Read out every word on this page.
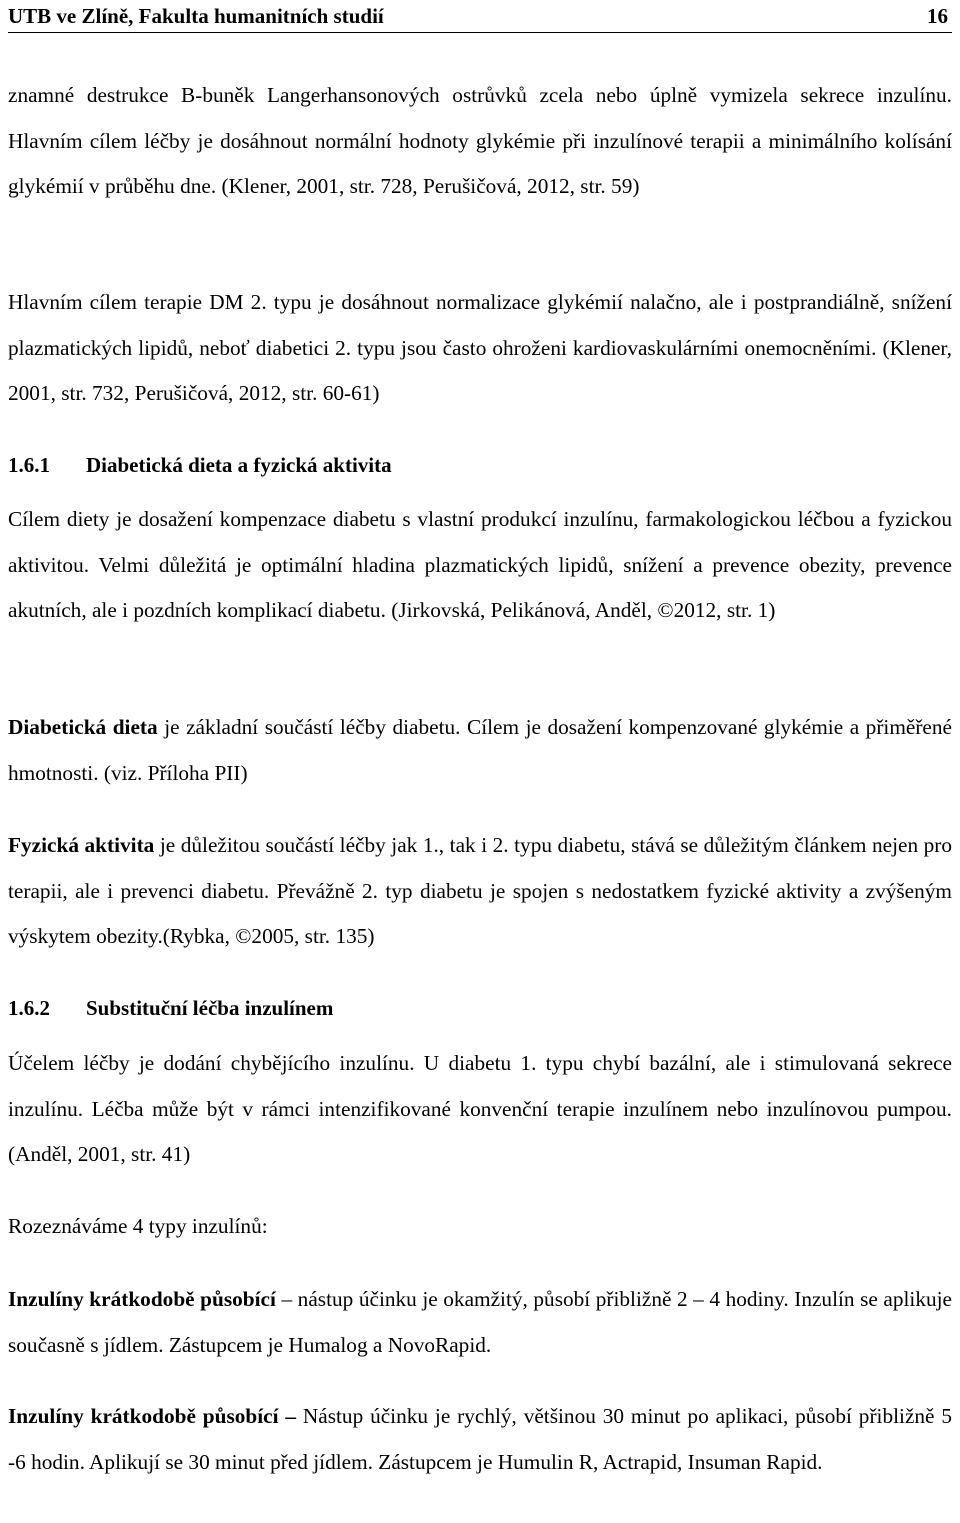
UTB ve Zlíně, Fakulta humanitních studií	16

znamné destrukce B-buněk Langerhansonových ostrůvků zcela nebo úplně vymizela sekrece inzulínu. Hlavním cílem léčby je dosáhnout normální hodnoty glykémie při inzulínové terapii a minimálního kolísání glykémií v průběhu dne. (Klener, 2001, str. 728, Perušičová, 2012, str. 59)

Hlavním cílem terapie DM 2. typu je dosáhnout normalizace glykémií nalačno, ale i postprandiálně, snížení plazmatických lipidů, neboť diabetici 2. typu jsou často ohroženi kardiovaskulárními onemocněními. (Klener, 2001, str. 732, Perušičová, 2012, str. 60-61)

1.6.1 Diabetická dieta a fyzická aktivita

Cílem diety je dosažení kompenzace diabetu s vlastní produkcí inzulínu, farmakologickou léčbou a fyzickou aktivitou. Velmi důležitá je optimální hladina plazmatických lipidů, snížení a prevence obezity, prevence akutních, ale i pozdních komplikací diabetu. (Jirkovská, Pelikánová, Anděl, ©2012, str. 1)

Diabetická dieta je základní součástí léčby diabetu. Cílem je dosažení kompenzované glykémie a přiměřené hmotnosti. (viz. Příloha PII)

Fyzická aktivita je důležitou součástí léčby jak 1., tak i 2. typu diabetu, stává se důležitým článkem nejen pro terapii, ale i prevenci diabetu. Převážně 2. typ diabetu je spojen s nedostatkem fyzické aktivity a zvýšeným výskytem obezity.(Rybka, ©2005, str. 135)

1.6.2 Substituční léčba inzulínem

Účelem léčby je dodání chybějícího inzulínu. U diabetu 1. typu chybí bazální, ale i stimulovaná sekrece inzulínu. Léčba může být v rámci intenzifikované konvenční terapie inzulínem nebo inzulínovou pumpou. (Anděl, 2001, str. 41)

Rozeznáváme 4 typy inzulínů:

Inzulíny krátkodobě působící – nástup účinku je okamžitý, působí přibližně 2 – 4 hodiny. Inzulín se aplikuje současně s jídlem. Zástupcem je Humalog a NovoRapid.

Inzulíny krátkodobě působící – Nástup účinku je rychlý, většinou 30 minut po aplikaci, působí přibližně 5 -6 hodin. Aplikují se 30 minut před jídlem. Zástupcem je Humulin R, Actrapid, Insuman Rapid.
